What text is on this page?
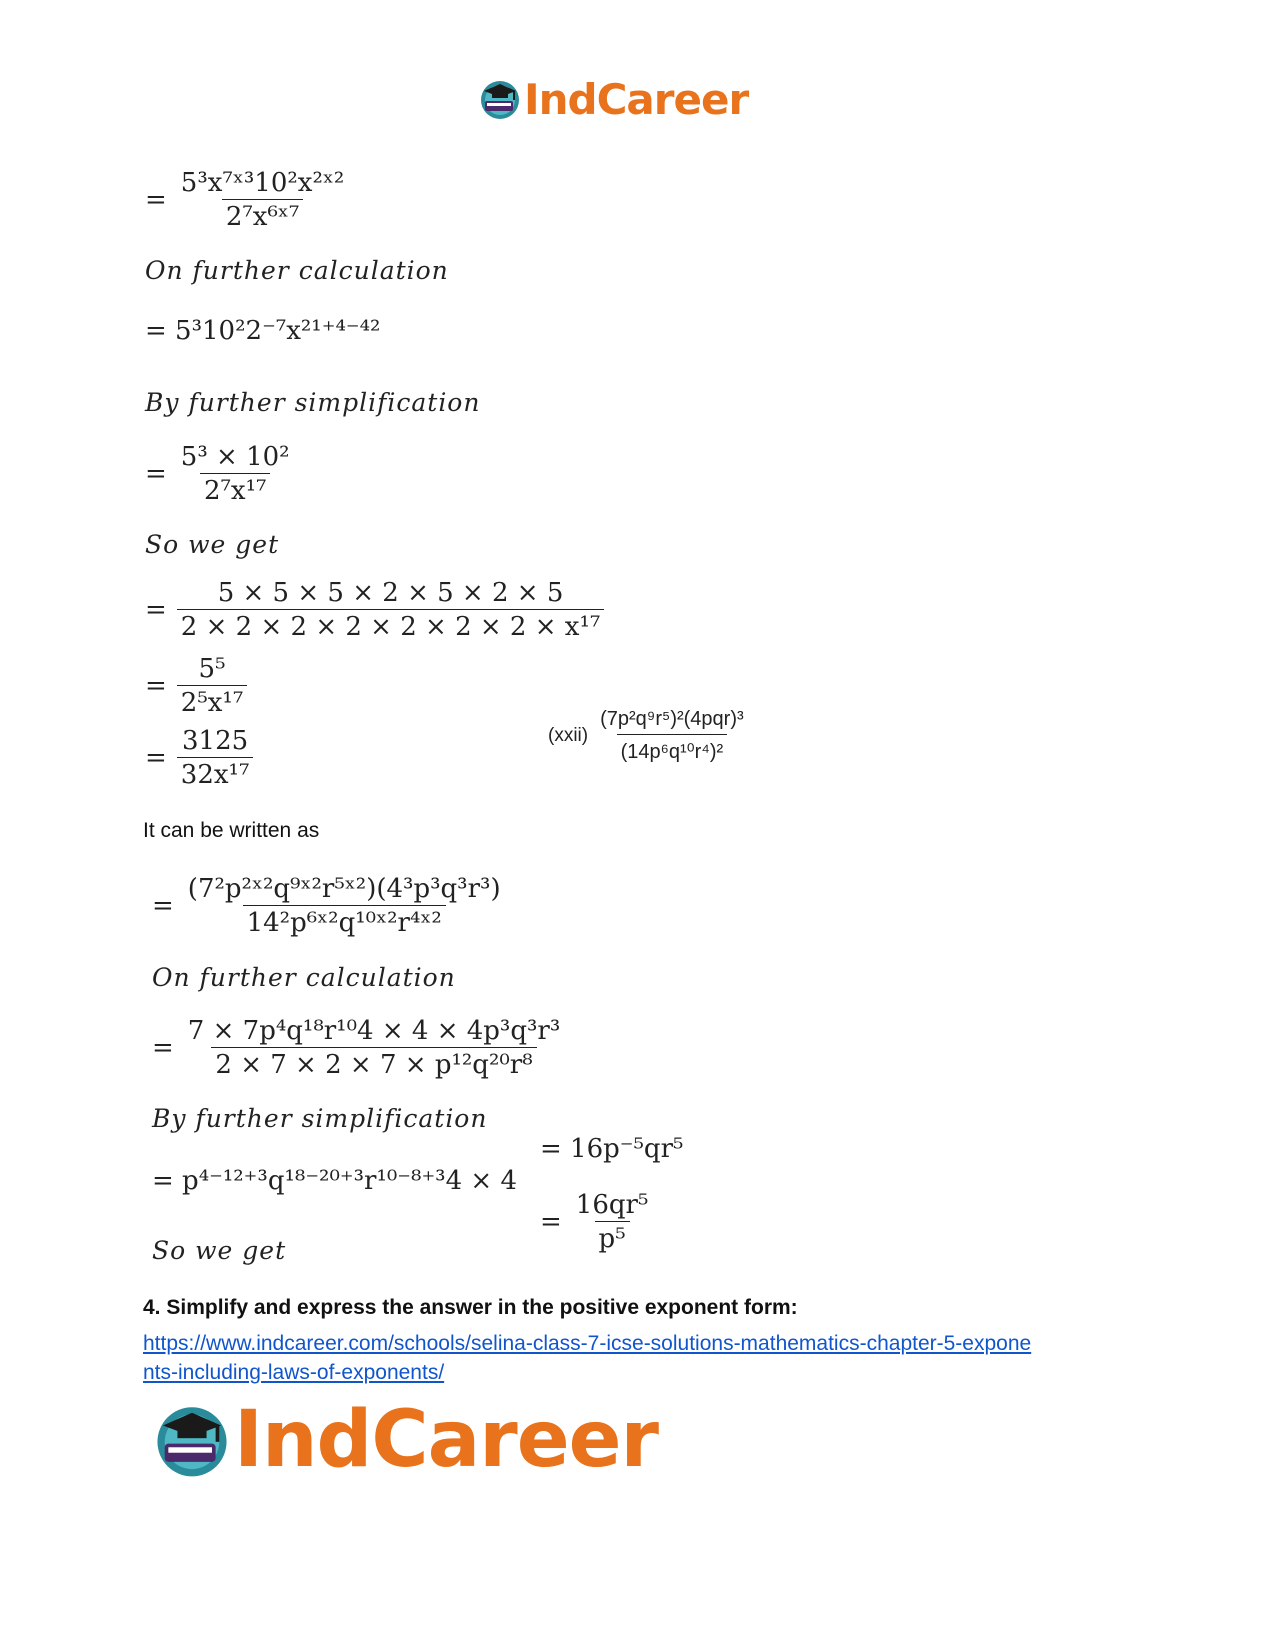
IndCareer
= $\frac{\text{5³x⁷ˣ³10²x²ˣ²}}{\text{2⁷x⁶ˣ⁷}}$
On further calculation
= 5³10²2⁻⁷x²¹⁺⁴⁻⁴²
By further simplification
= $\frac{\text{5³ × 10²}}{\text{2⁷x¹⁷}}$
So we get
= $\frac{5 \times 5 \times 5 \times 2 \times 5 \times 2 \times 5}{\text{2 × 2 × 2 × 2 × 2 × 2 × 2 × x¹⁷}}$
= $\frac{\text{5⁵}}{\text{2⁵x¹⁷}}$
= $\frac{3125}{\text{32x¹⁷}}$	(xxii) $\frac{\text{(7p²q⁹r⁵)²(4pqr)³}}{\text{(14p⁶q¹⁰r⁴)²}}$
It can be written as
= $\frac{\text{(7²p²ˣ²q⁹ˣ²r⁵ˣ²)(4³p³q³r³)}}{\text{14²p⁶ˣ²q¹⁰ˣ²r⁴ˣ²}}$
On further calculation
= $\frac{\text{7 × 7p⁴q¹⁸r¹⁰4 × 4 × 4p³q³r³}}{\text{2 × 7 × 2 × 7 × p¹²q²⁰r⁸}}$
By further simplification
= p⁴⁻¹²⁺³q¹⁸⁻²⁰⁺³r¹⁰⁻⁸⁺³4 × 4
So we get
= 16p⁻⁵qr⁵
= $\frac{\text{16qr⁵}}{\text{p⁵}}$
4. Simplify and express the answer in the positive exponent form:
https://www.indcareer.com/schools/selina-class-7-icse-solutions-mathematics-chapter-5-expone
nts-including-laws-of-exponents/
IndCareer
